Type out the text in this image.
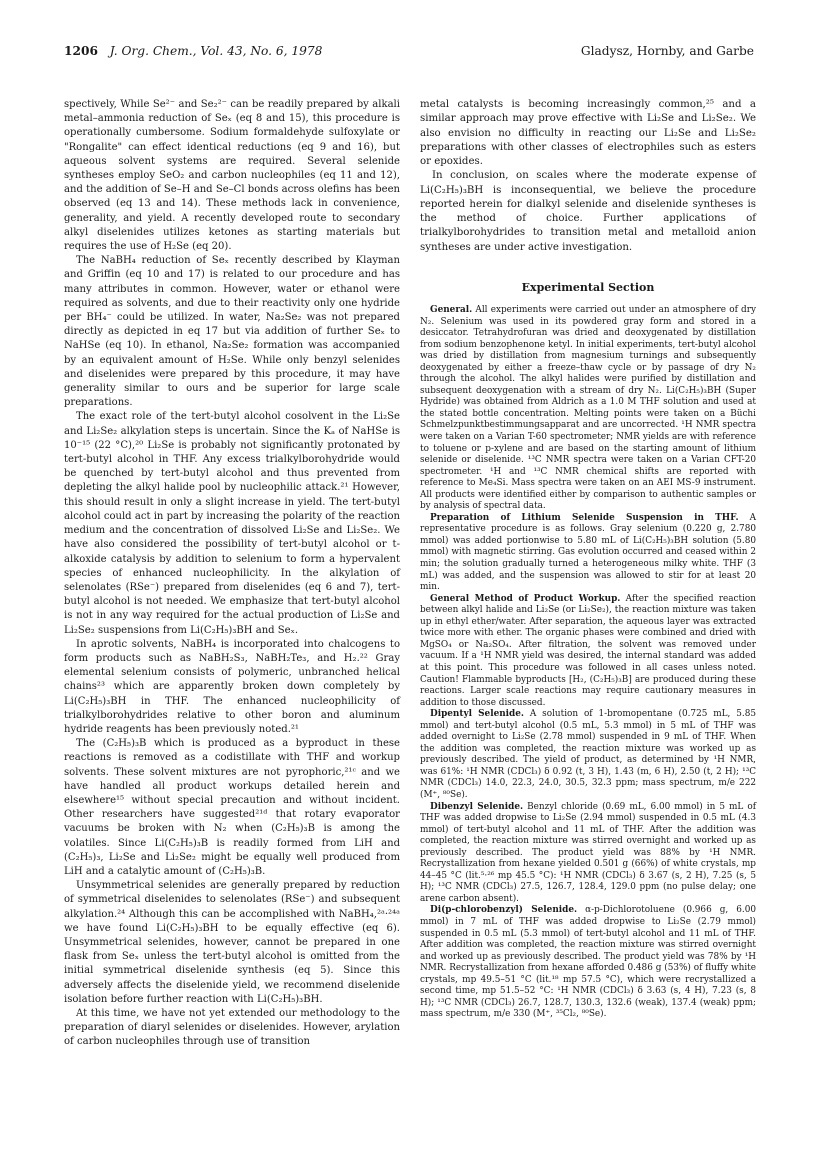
1206 J. Org. Chem., Vol. 43, No. 6, 1978	Gladysz, Hornby, and Garbe

spectively, While Se²⁻ and Se₂²⁻ can be readily prepared by alkali metal–ammonia reduction of Seₓ (eq 8 and 15), this procedure is operationally cumbersome. Sodium formaldehyde sulfoxylate or "Rongalite" can effect identical reductions (eq 9 and 16), but aqueous solvent systems are required. Several selenide syntheses employ SeO₂ and carbon nucleophiles (eq 11 and 12), and the addition of Se–H and Se–Cl bonds across olefins has been observed (eq 13 and 14). These methods lack in convenience, generality, and yield. A recently developed route to secondary alkyl diselenides utilizes ketones as starting materials but requires the use of H₂Se (eq 20).

The NaBH₄ reduction of Seₓ recently described by Klayman and Griffin (eq 10 and 17) is related to our procedure and has many attributes in common. However, water or ethanol were required as solvents, and due to their reactivity only one hydride per BH₄⁻ could be utilized. In water, Na₂Se₂ was not prepared directly as depicted in eq 17 but via addition of further Seₓ to NaHSe (eq 10). In ethanol, Na₂Se₂ formation was accompanied by an equivalent amount of H₂Se. While only benzyl selenides and diselenides were prepared by this procedure, it may have generality similar to ours and be superior for large scale preparations.

The exact role of the tert-butyl alcohol cosolvent in the Li₂Se and Li₂Se₂ alkylation steps is uncertain. Since the Kₐ of NaHSe is 10⁻¹⁵ (22 °C),²⁰ Li₂Se is probably not significantly protonated by tert-butyl alcohol in THF. Any excess trialkylborohydride would be quenched by tert-butyl alcohol and thus prevented from depleting the alkyl halide pool by nucleophilic attack.²¹ However, this should result in only a slight increase in yield. The tert-butyl alcohol could act in part by increasing the polarity of the reaction medium and the concentration of dissolved Li₂Se and Li₂Se₂. We have also considered the possibility of tert-butyl alcohol or t-alkoxide catalysis by addition to selenium to form a hypervalent species of enhanced nucleophilicity. In the alkylation of selenolates (RSe⁻) prepared from diselenides (eq 6 and 7), tert-butyl alcohol is not needed. We emphasize that tert-butyl alcohol is not in any way required for the actual production of Li₂Se and Li₂Se₂ suspensions from Li(C₂H₅)₃BH and Seₓ.

In aprotic solvents, NaBH₄ is incorporated into chalcogens to form products such as NaBH₂S₃, NaBH₂Te₃, and H₂.²² Gray elemental selenium consists of polymeric, unbranched helical chains²³ which are apparently broken down completely by Li(C₂H₅)₃BH in THF. The enhanced nucleophilicity of trialkylborohydrides relative to other boron and aluminum hydride reagents has been previously noted.²¹

The (C₂H₅)₃B which is produced as a byproduct in these reactions is removed as a codistillate with THF and workup solvents. These solvent mixtures are not pyrophoric,²¹ᶜ and we have handled all product workups detailed herein and elsewhere¹⁵ without special precaution and without incident. Other researchers have suggested²¹ᵈ that rotary evaporator vacuums be broken with N₂ when (C₂H₅)₃B is among the volatiles. Since Li(C₂H₅)₃B is readily formed from LiH and (C₂H₅)₃, Li₂Se and Li₂Se₂ might be equally well produced from LiH and a catalytic amount of (C₂H₅)₃B.

Unsymmetrical selenides are generally prepared by reduction of symmetrical diselenides to selenolates (RSe⁻) and subsequent alkylation.²⁴ Although this can be accomplished with NaBH₄,²ᵃ·²⁴ᵃ we have found Li(C₂H₅)₃BH to be equally effective (eq 6). Unsymmetrical selenides, however, cannot be prepared in one flask from Seₓ unless the tert-butyl alcohol is omitted from the initial symmetrical diselenide synthesis (eq 5). Since this adversely affects the diselenide yield, we recommend diselenide isolation before further reaction with Li(C₂H₅)₃BH.

At this time, we have not yet extended our methodology to the preparation of diaryl selenides or diselenides. However, arylation of carbon nucleophiles through use of transition

metal catalysts is becoming increasingly common,²⁵ and a similar approach may prove effective with Li₂Se and Li₂Se₂. We also envision no difficulty in reacting our Li₂Se and Li₂Se₂ preparations with other classes of electrophiles such as esters or epoxides.

In conclusion, on scales where the moderate expense of Li(C₂H₅)₃BH is inconsequential, we believe the procedure reported herein for dialkyl selenide and diselenide syntheses is the method of choice. Further applications of trialkylborohydrides to transition metal and metalloid anion syntheses are under active investigation.

Experimental Section

General. All experiments were carried out under an atmosphere of dry N₂. Selenium was used in its powdered gray form and stored in a desiccator. Tetrahydrofuran was dried and deoxygenated by distillation from sodium benzophenone ketyl. In initial experiments, tert-butyl alcohol was dried by distillation from magnesium turnings and subsequently deoxygenated by either a freeze–thaw cycle or by passage of dry N₂ through the alcohol. The alkyl halides were purified by distillation and subsequent deoxygenation with a stream of dry N₂. Li(C₂H₅)₃BH (Super Hydride) was obtained from Aldrich as a 1.0 M THF solution and used at the stated bottle concentration. Melting points were taken on a Büchi Schmelzpunktbestimmungsapparat and are uncorrected. ¹H NMR spectra were taken on a Varian T-60 spectrometer; NMR yields are with reference to toluene or p-xylene and are based on the starting amount of lithium selenide or diselenide. ¹³C NMR spectra were taken on a Varian CFT-20 spectrometer. ¹H and ¹³C NMR chemical shifts are reported with reference to Me₄Si. Mass spectra were taken on an AEI MS-9 instrument. All products were identified either by comparison to authentic samples or by analysis of spectral data.

Preparation of Lithium Selenide Suspension in THF. A representative procedure is as follows. Gray selenium (0.220 g, 2.780 mmol) was added portionwise to 5.80 mL of Li(C₂H₅)₃BH solution (5.80 mmol) with magnetic stirring. Gas evolution occurred and ceased within 2 min; the solution gradually turned a heterogeneous milky white. THF (3 mL) was added, and the suspension was allowed to stir for at least 20 min.

General Method of Product Workup. After the specified reaction between alkyl halide and Li₂Se (or Li₂Se₂), the reaction mixture was taken up in ethyl ether/water. After separation, the aqueous layer was extracted twice more with ether. The organic phases were combined and dried with MgSO₄ or Na₂SO₄. After filtration, the solvent was removed under vacuum. If a ¹H NMR yield was desired, the internal standard was added at this point. This procedure was followed in all cases unless noted. Caution! Flammable byproducts [H₂, (C₂H₅)₃B] are produced during these reactions. Larger scale reactions may require cautionary measures in addition to those discussed.

Dipentyl Selenide. A solution of 1-bromopentane (0.725 mL, 5.85 mmol) and tert-butyl alcohol (0.5 mL, 5.3 mmol) in 5 mL of THF was added overnight to Li₂Se (2.78 mmol) suspended in 9 mL of THF. When the addition was completed, the reaction mixture was worked up as previously described. The yield of product, as determined by ¹H NMR, was 61%: ¹H NMR (CDCl₃) δ 0.92 (t, 3 H), 1.43 (m, 6 H), 2.50 (t, 2 H); ¹³C NMR (CDCl₃) 14.0, 22.3, 24.0, 30.5, 32.3 ppm; mass spectrum, m/e 222 (M⁺, ⁸⁰Se).

Dibenzyl Selenide. Benzyl chloride (0.69 mL, 6.00 mmol) in 5 mL of THF was added dropwise to Li₂Se (2.94 mmol) suspended in 0.5 mL (4.3 mmol) of tert-butyl alcohol and 11 mL of THF. After the addition was completed, the reaction mixture was stirred overnight and worked up as previously described. The product yield was 88% by ¹H NMR. Recrystallization from hexane yielded 0.501 g (66%) of white crystals, mp 44–45 °C (lit.⁵·²⁶ mp 45.5 °C): ¹H NMR (CDCl₃) δ 3.67 (s, 2 H), 7.25 (s, 5 H); ¹³C NMR (CDCl₃) 27.5, 126.7, 128.4, 129.0 ppm (no pulse delay; one arene carbon absent).

Di(p-chlorobenzyl) Selenide. α-p-Dichlorotoluene (0.966 g, 6.00 mmol) in 7 mL of THF was added dropwise to Li₂Se (2.79 mmol) suspended in 0.5 mL (5.3 mmol) of tert-butyl alcohol and 11 mL of THF. After addition was completed, the reaction mixture was stirred overnight and worked up as previously described. The product yield was 78% by ¹H NMR. Recrystallization from hexane afforded 0.486 g (53%) of fluffy white crystals, mp 49.5–51 °C (lit.¹⁸ mp 57.5 °C), which were recrystallized a second time, mp 51.5–52 °C: ¹H NMR (CDCl₃) δ 3.63 (s, 4 H), 7.23 (s, 8 H); ¹³C NMR (CDCl₃) 26.7, 128.7, 130.3, 132.6 (weak), 137.4 (weak) ppm; mass spectrum, m/e 330 (M⁺, ³⁵Cl₂, ⁸⁰Se).
